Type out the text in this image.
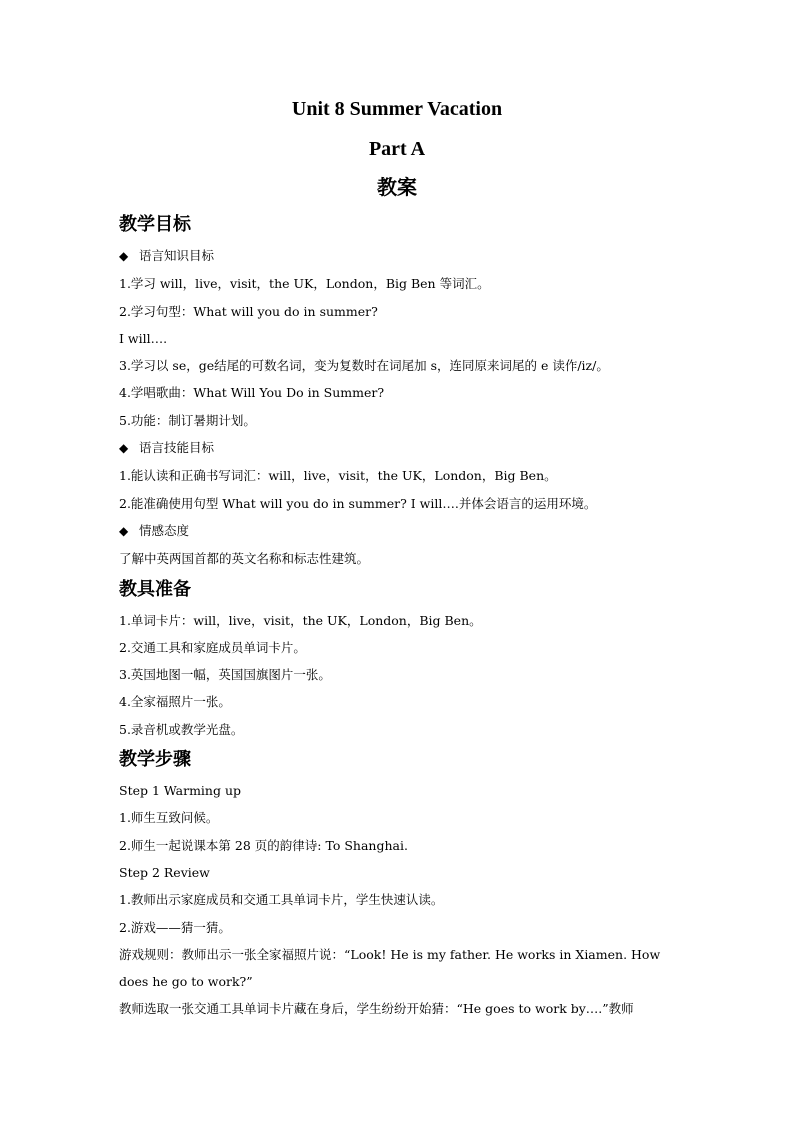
Unit 8 Summer Vacation
Part A
教案
教学目标
◆ 语言知识目标
1.学习 will，live，visit，the UK，London，Big Ben 等词汇。
2.学习句型：What will you do in summer?
I will….
3.学习以 se，ge结尾的可数名词，变为复数时在词尾加 s，连同原来词尾的 e 读作/iz/。
4.学唱歌曲：What Will You Do in Summer?
5.功能：制订暑期计划。
◆ 语言技能目标
1.能认读和正确书写词汇：will，live，visit，the UK，London，Big Ben。
2.能准确使用句型 What will you do in summer? I will….并体会语言的运用环境。
◆ 情感态度
了解中英两国首都的英文名称和标志性建筑。
教具准备
1.单词卡片：will，live，visit，the UK，London，Big Ben。
2.交通工具和家庭成员单词卡片。
3.英国地图一幅，英国国旗图片一张。
4.全家福照片一张。
5.录音机或教学光盘。
教学步骤
Step 1 Warming up
1.师生互致问候。
2.师生一起说课本第 28 页的韵律诗: To Shanghai.
Step 2 Review
1.教师出示家庭成员和交通工具单词卡片，学生快速认读。
2.游戏——猜一猜。
游戏规则：教师出示一张全家福照片说：“Look! He is my father. He works in Xiamen. How
does he go to work?”
教师选取一张交通工具单词卡片藏在身后，学生纷纷开始猜：“He goes to work by….”教师
